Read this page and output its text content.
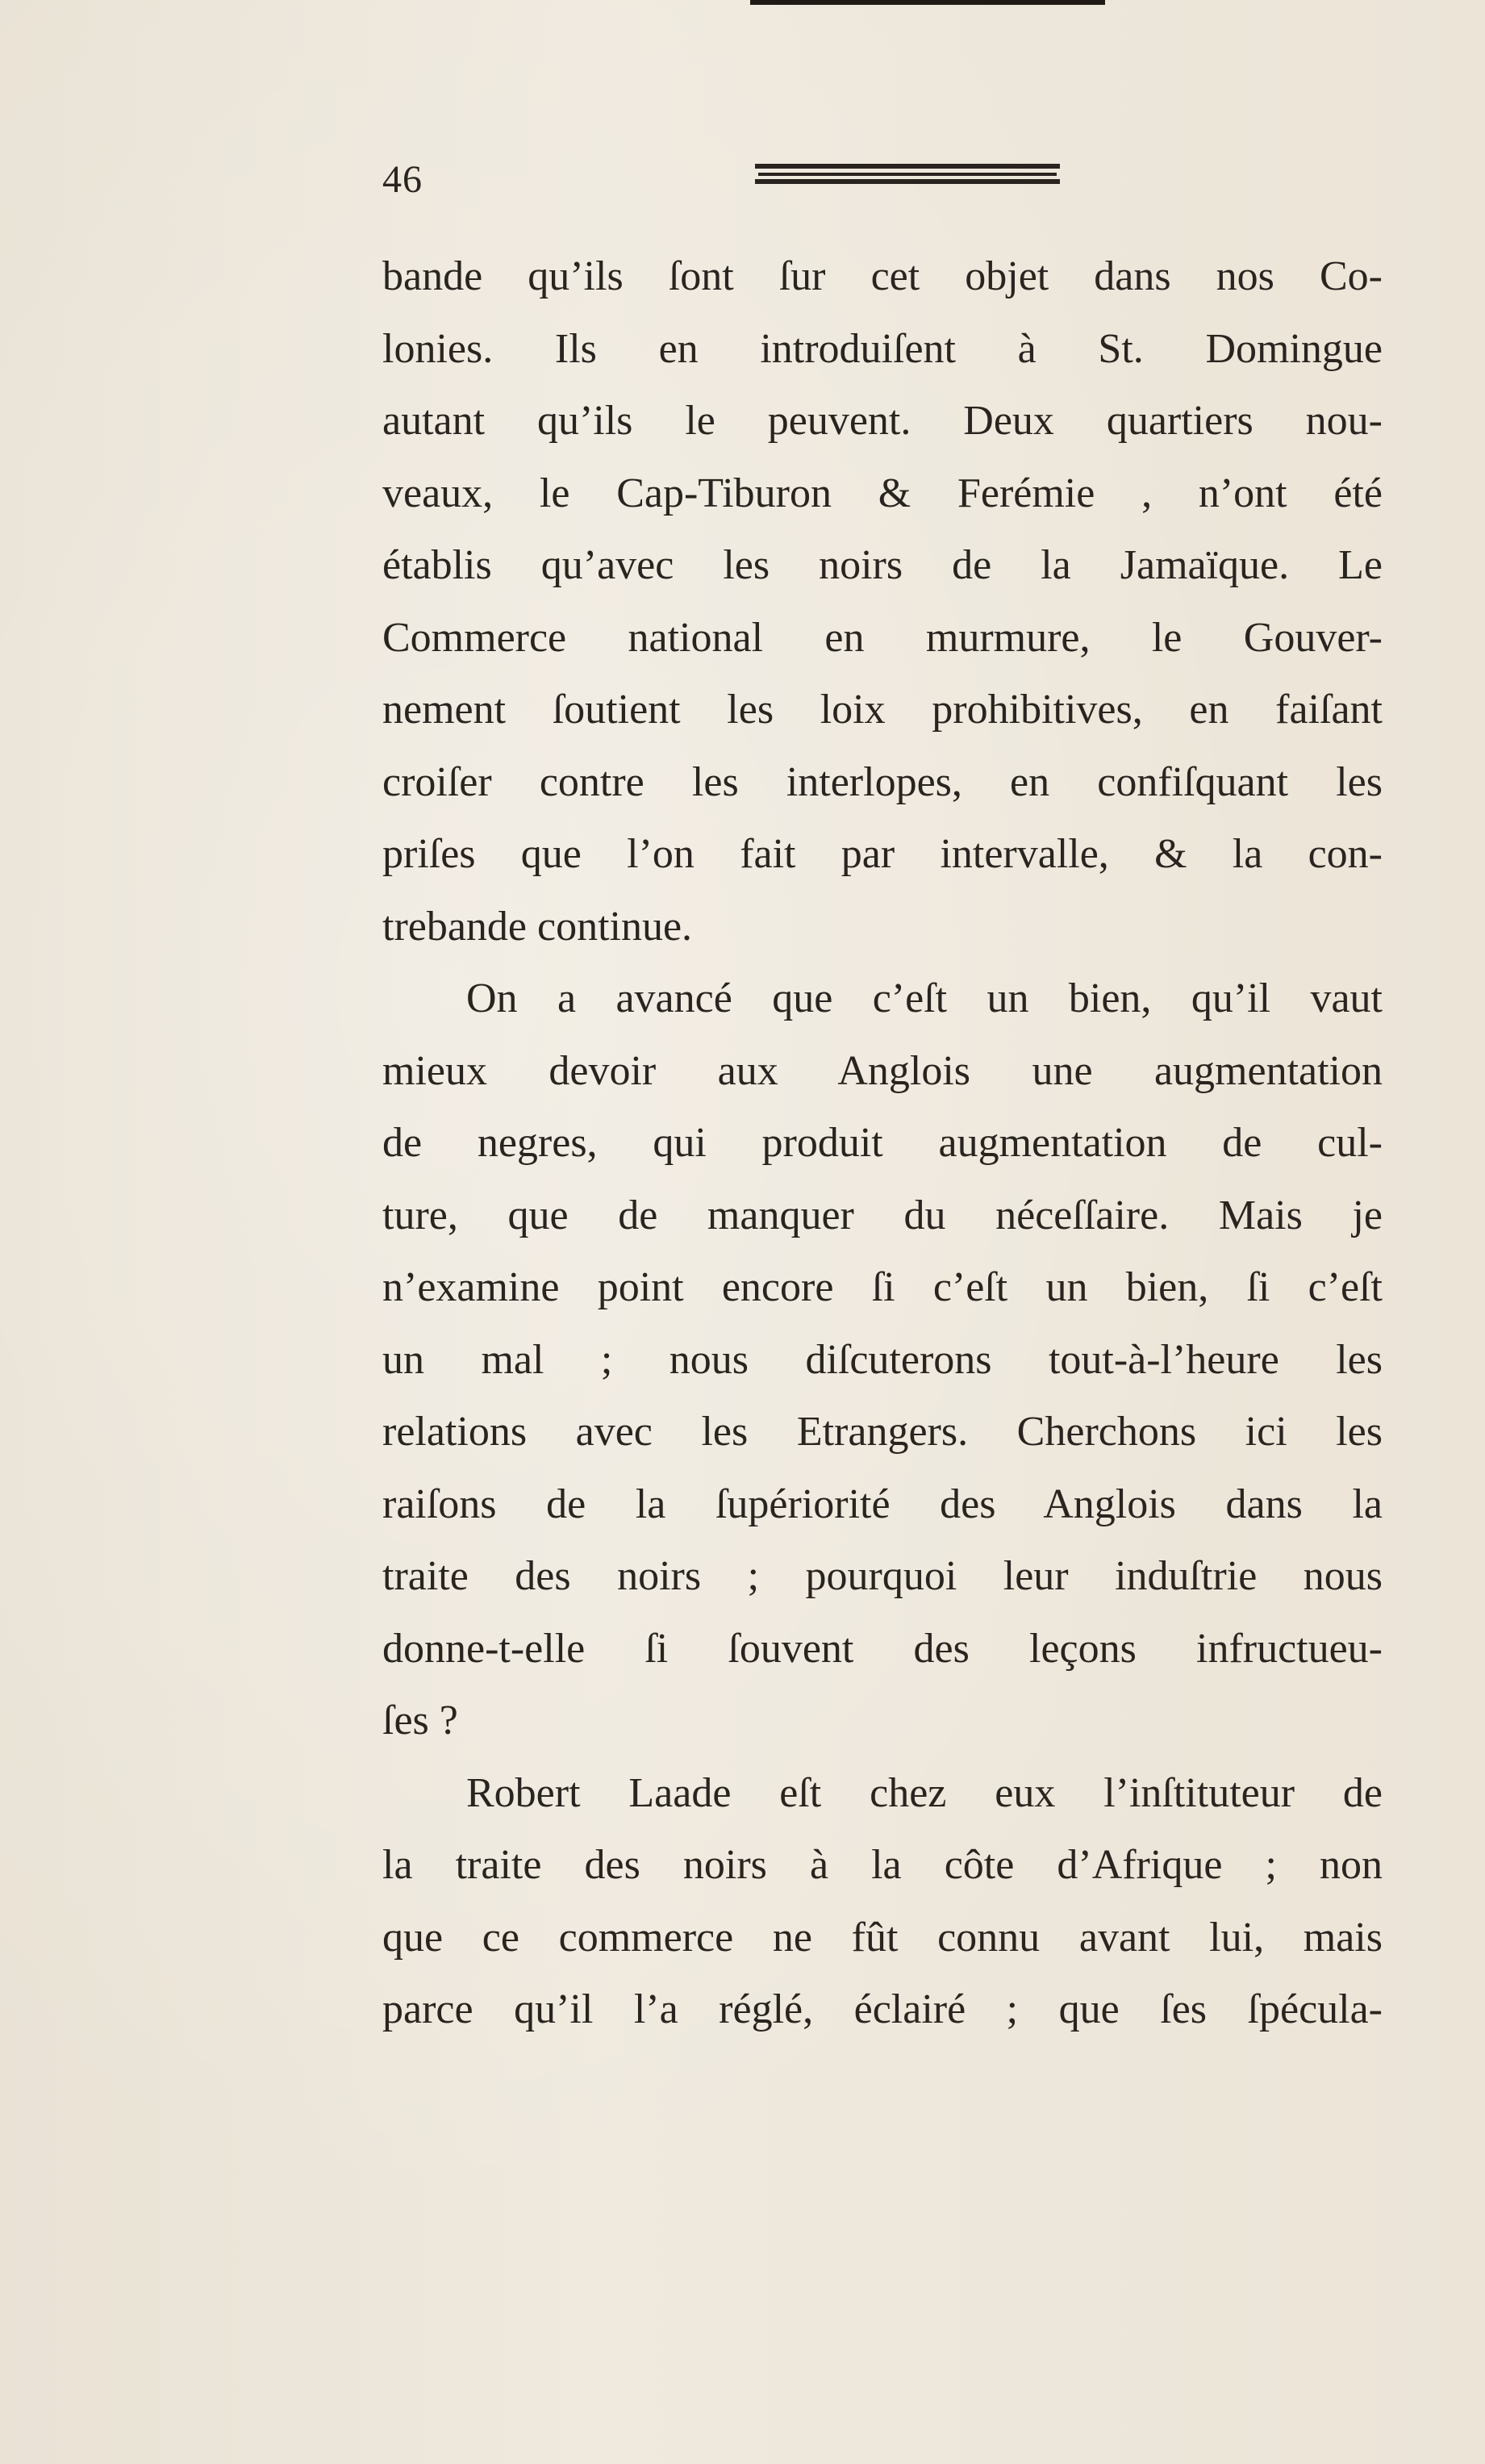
46
bande qu’ils ſont ſur cet objet dans nos Co-
lonies. Ils en introduiſent à St. Domingue
autant qu’ils le peuvent. Deux quartiers nou-
veaux, le Cap-Tiburon & Ferémie , n’ont été
établis qu’avec les noirs de la Jamaïque. Le
Commerce national en murmure, le Gouver-
nement ſoutient les loix prohibitives, en faiſant
croiſer contre les interlopes, en confiſquant les
priſes que l’on fait par intervalle, & la con-
trebande continue.
On a avancé que c’eſt un bien, qu’il vaut
mieux devoir aux Anglois une augmentation
de negres, qui produit augmentation de cul-
ture, que de manquer du néceſſaire. Mais je
n’examine point encore ſi c’eſt un bien, ſi c’eſt
un mal ; nous diſcuterons tout-à-l’heure les
relations avec les Etrangers. Cherchons ici les
raiſons de la ſupériorité des Anglois dans la
traite des noirs ; pourquoi leur induſtrie nous
donne-t-elle ſi ſouvent des leçons infructueu-
ſes ?
Robert Laade eſt chez eux l’inſtituteur de
la traite des noirs à la côte d’Afrique ; non
que ce commerce ne fût connu avant lui, mais
parce qu’il l’a réglé, éclairé ; que ſes ſpécula-
